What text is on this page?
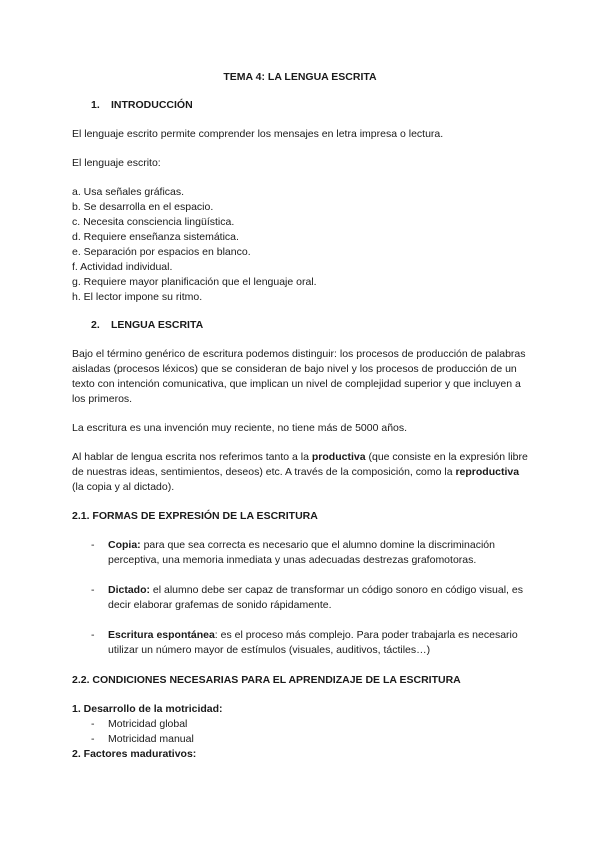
TEMA 4: LA LENGUA ESCRITA

1. INTRODUCCIÓN

El lenguaje escrito permite comprender los mensajes en letra impresa o lectura.

El lenguaje escrito:

a. Usa señales gráficas.
b. Se desarrolla en el espacio.
c. Necesita consciencia lingüística.
d. Requiere enseñanza sistemática.
e. Separación por espacios en blanco.
f. Actividad individual.
g. Requiere mayor planificación que el lenguaje oral.
h. El lector impone su ritmo.
2. LENGUA ESCRITA

Bajo el término genérico de escritura podemos distinguir: los procesos de producción de palabras aisladas (procesos léxicos) que se consideran de bajo nivel y los procesos de producción de un texto con intención comunicativa, que implican un nivel de complejidad superior y que incluyen a los primeros.

La escritura es una invención muy reciente, no tiene más de 5000 años.

Al hablar de lengua escrita nos referimos tanto a la productiva (que consiste en la expresión libre de nuestras ideas, sentimientos, deseos) etc. A través de la composición, como la reproductiva (la copia y al dictado).

2.1. FORMAS DE EXPRESIÓN DE LA ESCRITURA

- Copia: para que sea correcta es necesario que el alumno domine la discriminación perceptiva, una memoria inmediata y unas adecuadas destrezas grafomotoras.
- Dictado: el alumno debe ser capaz de transformar un código sonoro en código visual, es decir elaborar grafemas de sonido rápidamente.
- Escritura espontánea: es el proceso más complejo. Para poder trabajarla es necesario utilizar un número mayor de estímulos (visuales, auditivos, táctiles…)

2.2. CONDICIONES NECESARIAS PARA EL APRENDIZAJE DE LA ESCRITURA

1. Desarrollo de la motricidad:

- Motricidad global
- Motricidad manual

2. Factores madurativos:
